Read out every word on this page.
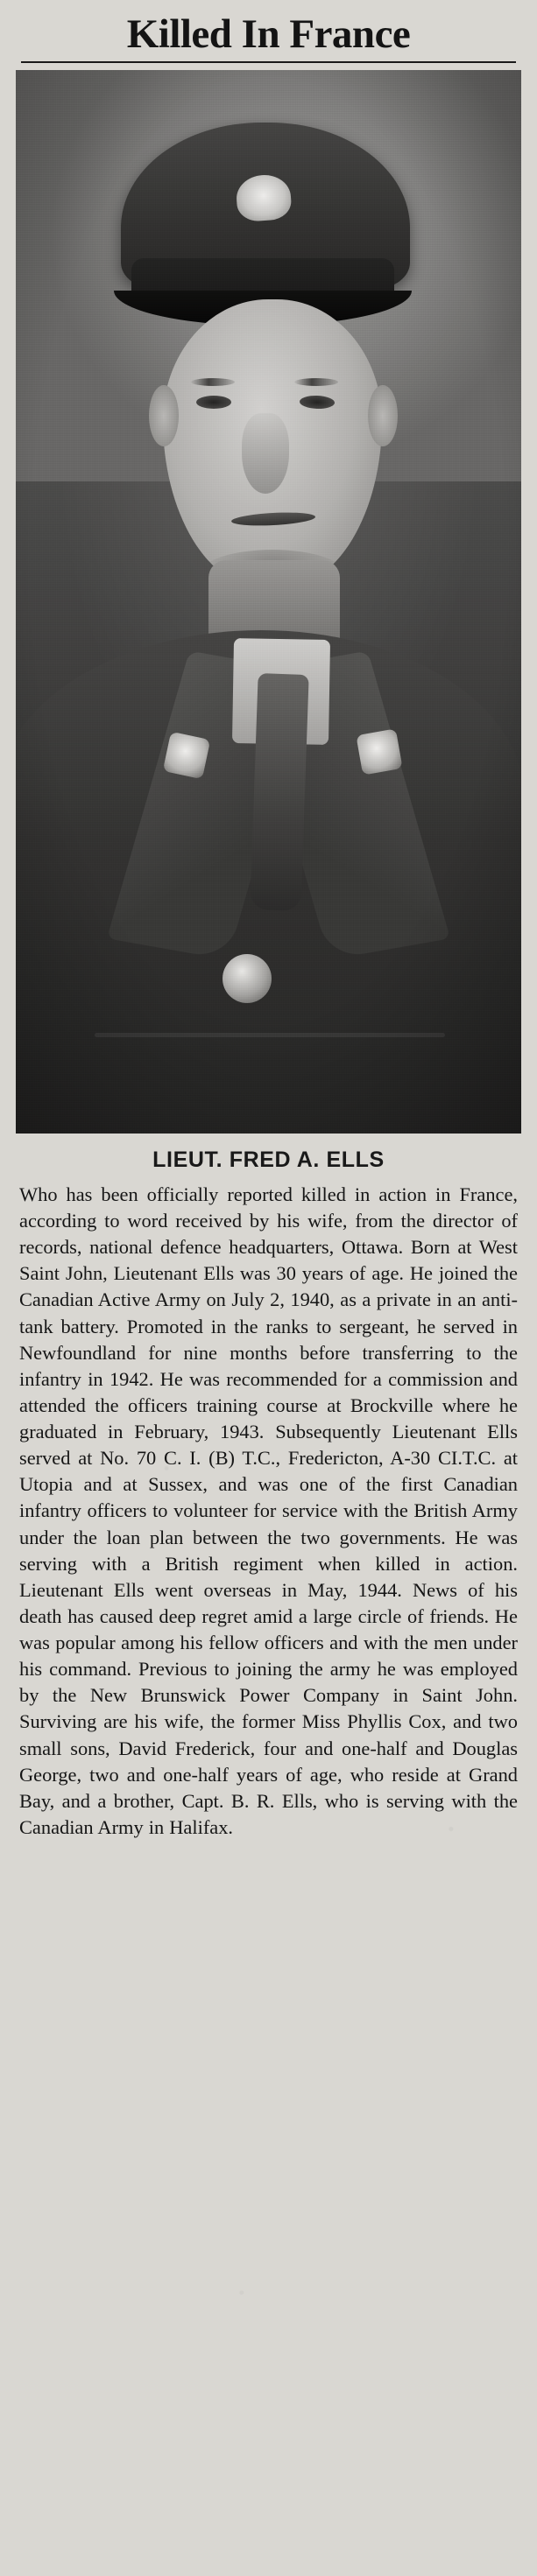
Killed In France
LIEUT. FRED A. ELLS
Who has been officially reported killed in action in France, according to word received by his wife, from the director of records, national defence headquarters, Ottawa. Born at West Saint John, Lieutenant Ells was 30 years of age. He joined the Canadian Active Army on July 2, 1940, as a private in an anti-tank battery. Promoted in the ranks to sergeant, he served in Newfoundland for nine months before transferring to the infantry in 1942. He was recommended for a commission and attended the officers training course at Brockville where he graduated in February, 1943. Subsequently Lieutenant Ells served at No. 70 C. I. (B) T.C., Fredericton, A-30 CI.T.C. at Utopia and at Sussex, and was one of the first Canadian infantry officers to volunteer for service with the British Army under the loan plan between the two governments. He was serving with a British regiment when killed in action. Lieutenant Ells went overseas in May, 1944. News of his death has caused deep regret amid a large circle of friends. He was popular among his fellow officers and with the men under his command. Previous to joining the army he was employed by the New Brunswick Power Company in Saint John. Surviving are his wife, the former Miss Phyllis Cox, and two small sons, David Frederick, four and one-half and Douglas George, two and one-half years of age, who reside at Grand Bay, and a brother, Capt. B. R. Ells, who is serving with the Canadian Army in Halifax.
